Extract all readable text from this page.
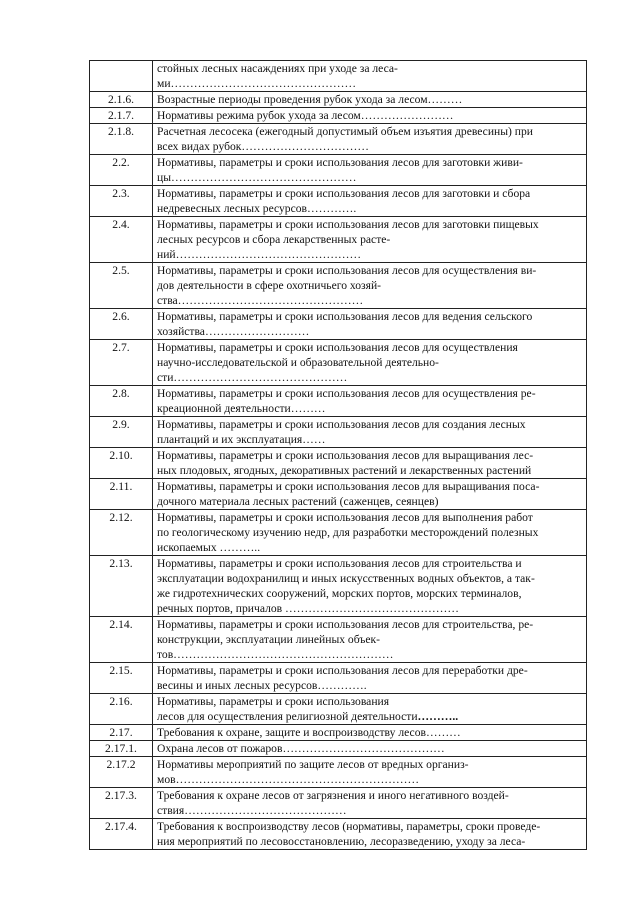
	стойных лесных насаждениях при уходе за леса-
ми…………………………………………

2.1.6.	Возрастные периоды проведения рубок ухода за лесом………

2.1.7.	Нормативы режима рубок ухода за лесом……………………

2.1.8.	Расчетная лесосека (ежегодный допустимый объем изъятия древесины) при
всех видах рубок……………………………

2.2.	Нормативы, параметры и сроки использования лесов для заготовки живи-
цы…………………………………………

2.3.	Нормативы, параметры и сроки использования лесов для заготовки и сбора
недревесных лесных ресурсов………….

2.4.	Нормативы, параметры и сроки использования лесов для заготовки пищевых
лесных ресурсов и сбора лекарственных расте-
ний…………………………………………

2.5.	Нормативы, параметры и сроки использования лесов для осуществления ви-
дов деятельности в сфере охотничьего хозяй-
ства…………………………………………

2.6.	Нормативы, параметры и сроки использования лесов для ведения сельского
хозяйства………………………

2.7.	Нормативы, параметры и сроки использования лесов для осуществления
научно-исследовательской и образовательной деятельно-
сти………………………………………

2.8.	Нормативы, параметры и сроки использования лесов для осуществления ре-
креационной деятельности………

2.9.	Нормативы, параметры и сроки использования лесов для создания лесных
плантаций и их эксплуатация……

2.10.	Нормативы, параметры и сроки использования лесов для выращивания лес-
ных плодовых, ягодных, декоративных растений и лекарственных растений

2.11.	Нормативы, параметры и сроки использования лесов для выращивания поса-
дочного материала лесных растений (саженцев, сеянцев)

2.12.	Нормативы, параметры и сроки использования лесов для выполнения работ
по геологическому изучению недр, для разработки месторождений полезных
ископаемых ………..

2.13.	Нормативы, параметры и сроки использования лесов для строительства и
эксплуатации водохранилищ и иных искусственных водных объектов, а так-
же гидротехнических сооружений, морских портов, морских терминалов,
речных портов, причалов ………………………………………

2.14.	Нормативы, параметры и сроки использования лесов для строительства, ре-
конструкции, эксплуатации линейных объек-
тов…………………………………………………

2.15.	Нормативы, параметры и сроки использования лесов для переработки дре-
весины и иных лесных ресурсов………….

2.16.	Нормативы, параметры и сроки использования
лесов для осуществления религиозной деятельности………..

2.17.	Требования к охране, защите и воспроизводству лесов………

2.17.1.	Охрана лесов от пожаров……………………………………

2.17.2	Нормативы мероприятий по защите лесов от вредных организ-
мов………………………………………………………

2.17.3.	Требования к охране лесов от загрязнения и иного негативного воздей-
ствия……………………………………

2.17.4.	Требования к воспроизводству лесов (нормативы, параметры, сроки проведе-
ния мероприятий по лесовосстановлению, лесоразведению, уходу за леса-
